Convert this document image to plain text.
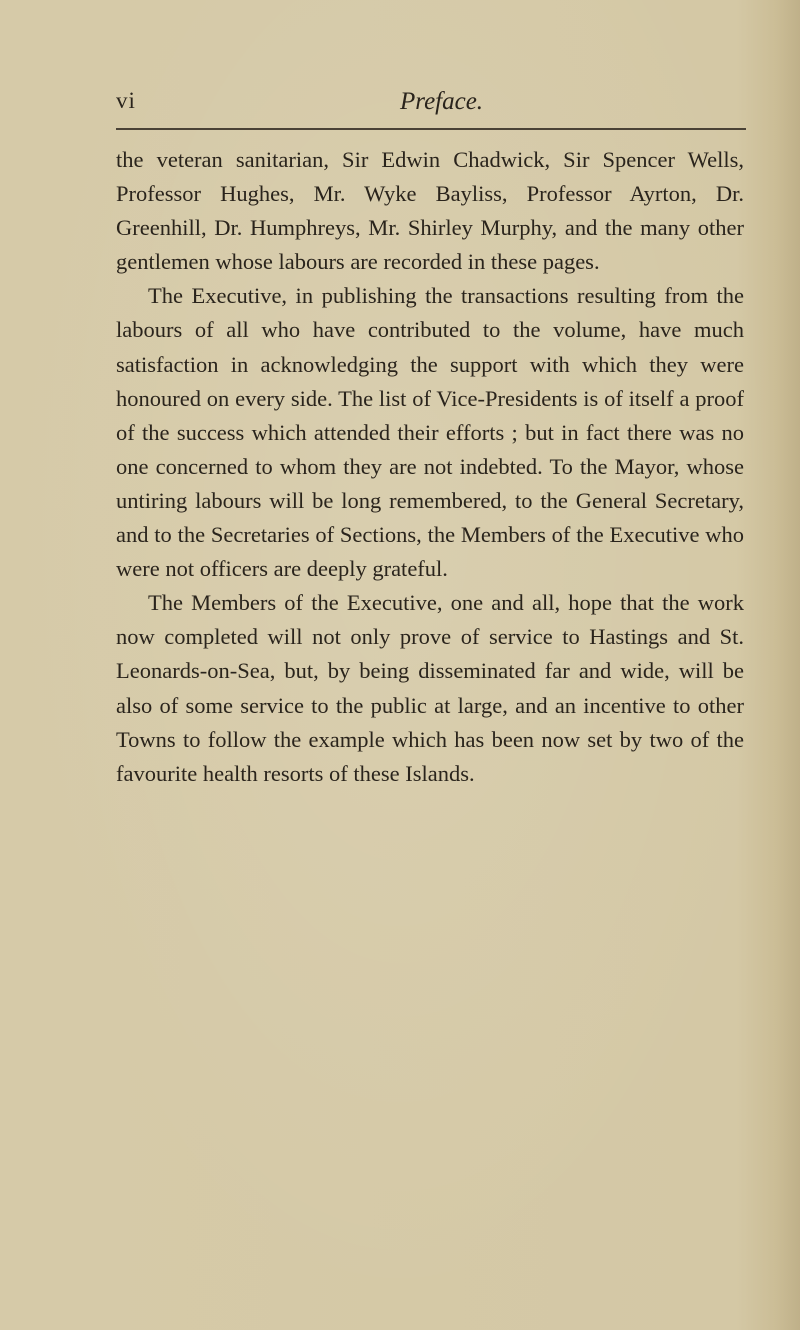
vi	Preface.

the veteran sanitarian, Sir Edwin Chadwick, Sir Spencer Wells, Professor Hughes, Mr. Wyke Bayliss, Professor Ayrton, Dr. Greenhill, Dr. Humphreys, Mr. Shirley Murphy, and the many other gentlemen whose labours are recorded in these pages.

The Executive, in publishing the transactions resulting from the labours of all who have contributed to the volume, have much satisfaction in acknowledging the support with which they were honoured on every side. The list of Vice-Presidents is of itself a proof of the success which attended their efforts ; but in fact there was no one concerned to whom they are not indebted. To the Mayor, whose untiring labours will be long remembered, to the General Secretary, and to the Secretaries of Sections, the Members of the Executive who were not officers are deeply grateful.

The Members of the Executive, one and all, hope that the work now completed will not only prove of service to Hastings and St. Leonards-on-Sea, but, by being disseminated far and wide, will be also of some service to the public at large, and an incentive to other Towns to follow the example which has been now set by two of the favourite health resorts of these Islands.
